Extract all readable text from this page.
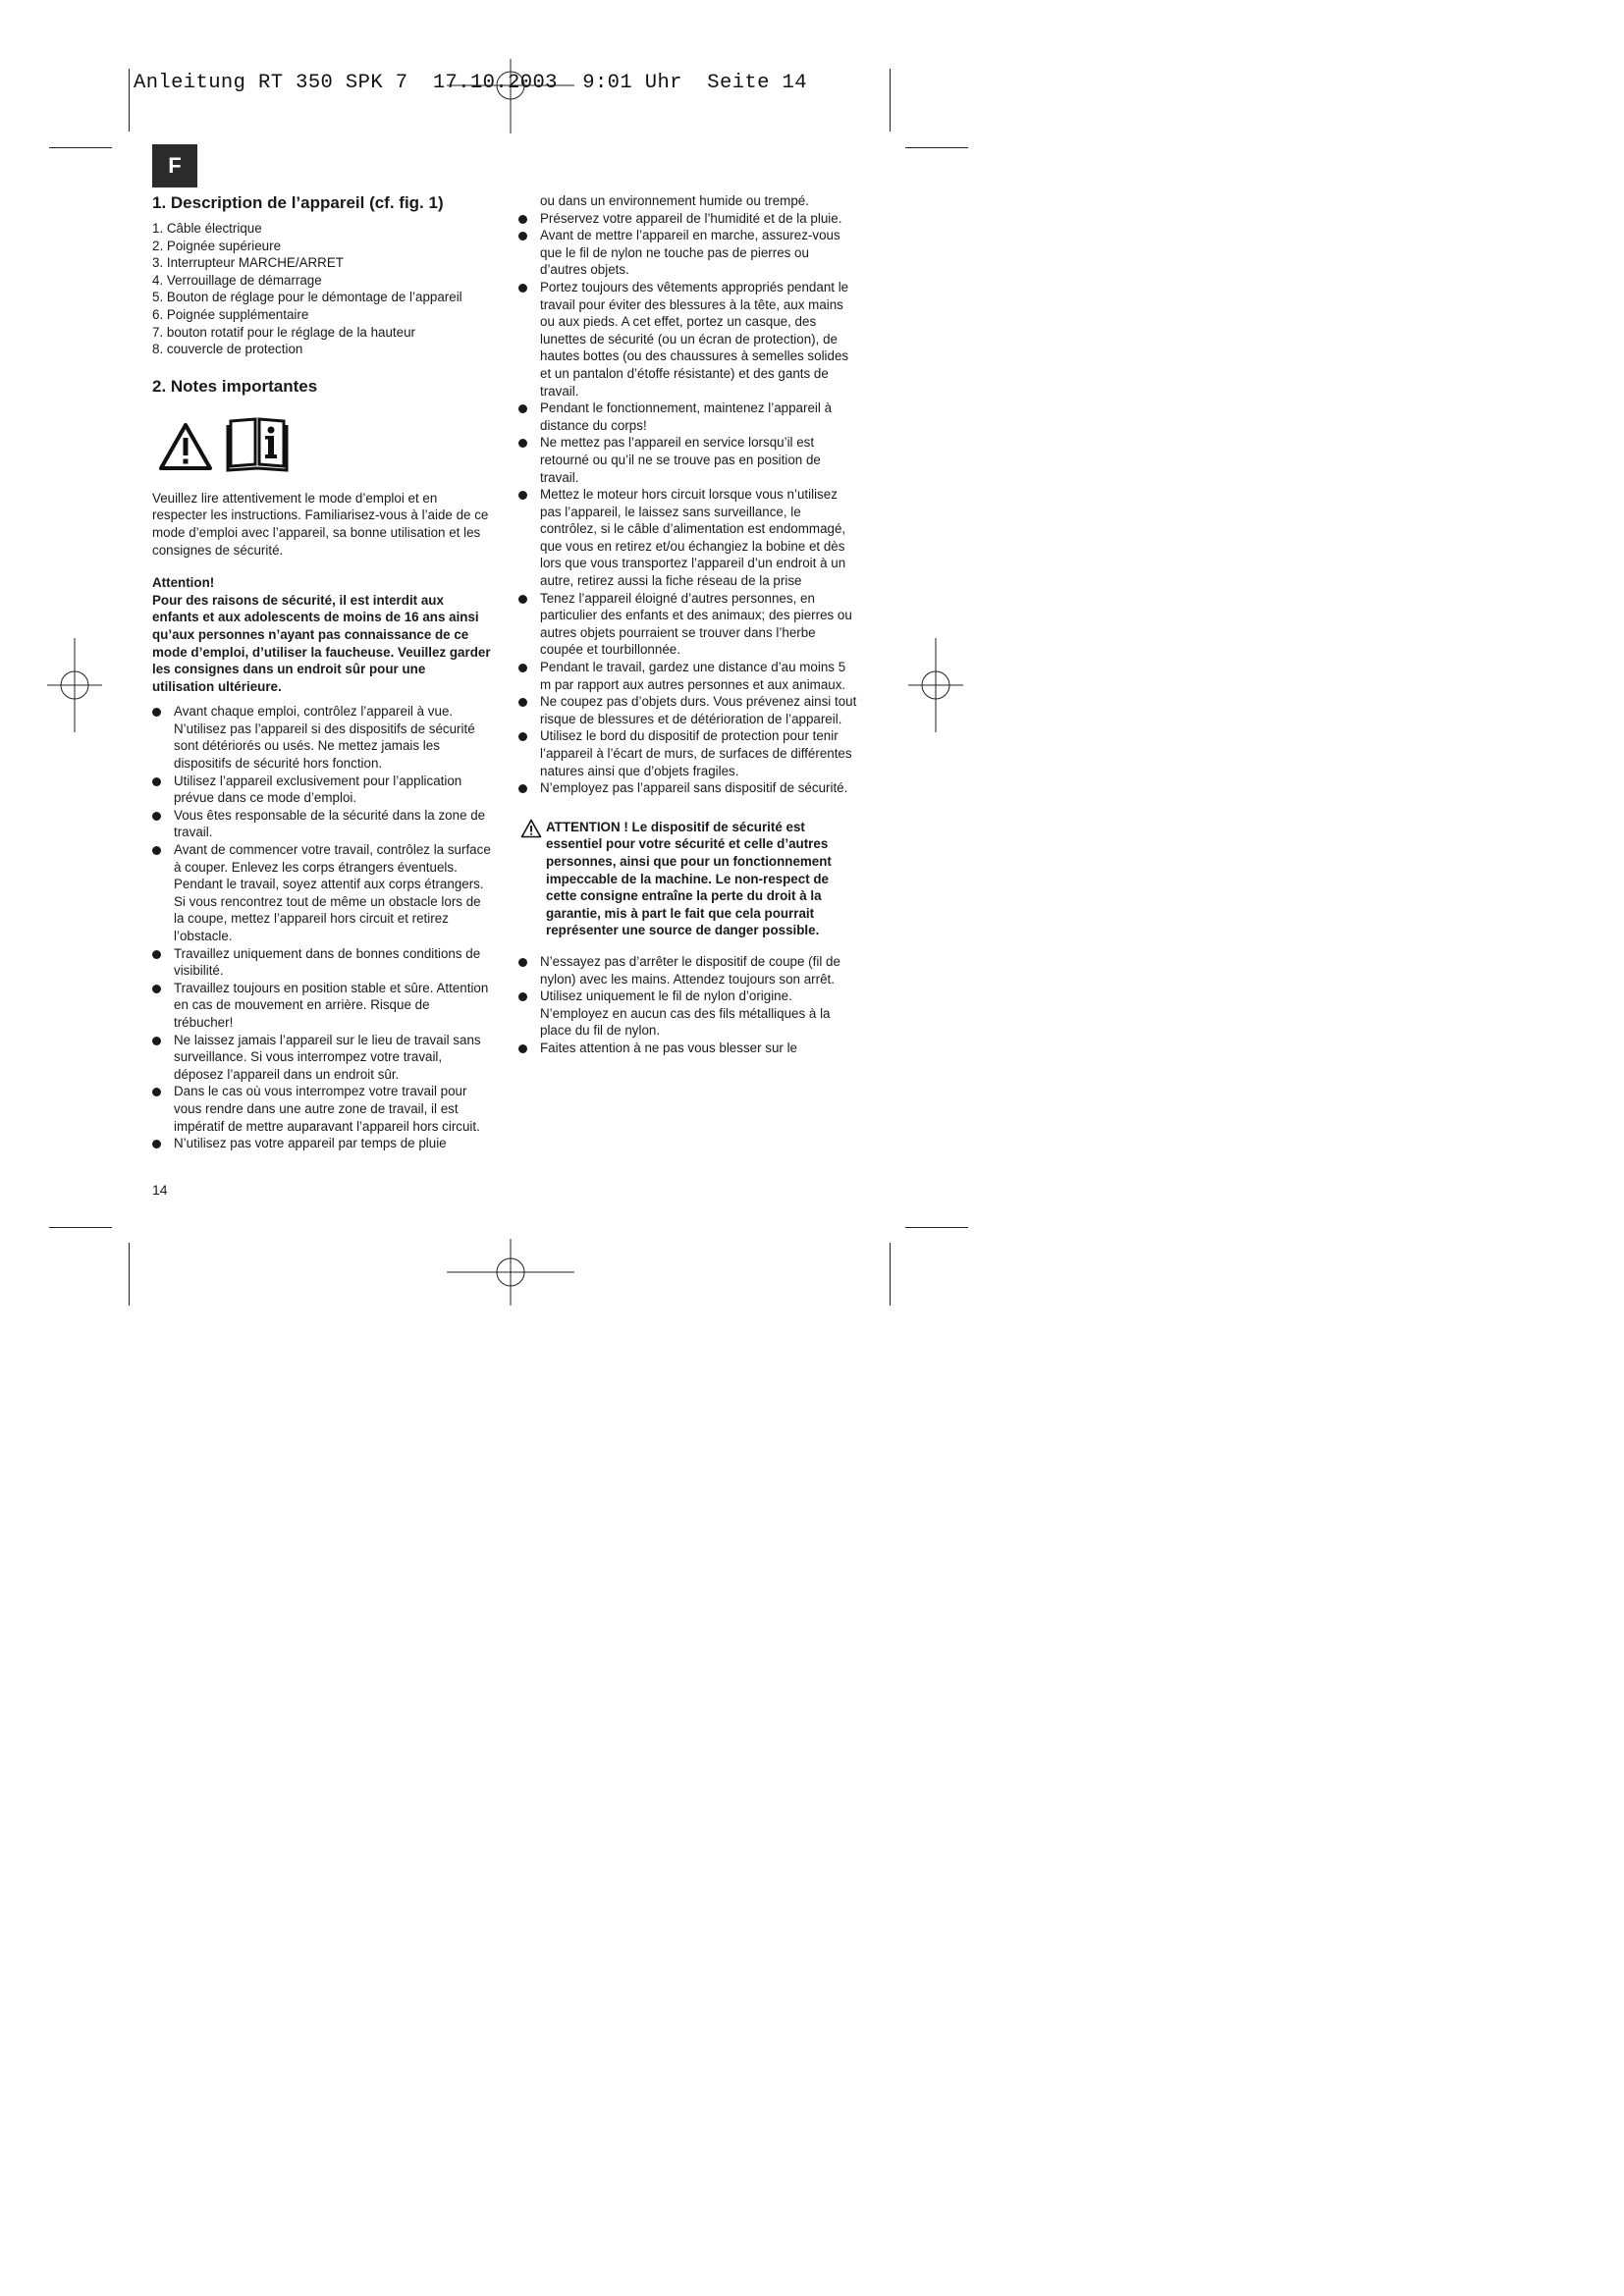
Anleitung RT 350 SPK 7  17.10.2003  9:01 Uhr  Seite 14
F
1. Description de l’appareil (cf. fig. 1)
1. Câble électrique
2. Poignée supérieure
3. Interrupteur MARCHE/ARRET
4. Verrouillage de démarrage
5. Bouton de réglage pour le démontage de l’appareil
6. Poignée supplémentaire
7. bouton rotatif pour le réglage de la hauteur
8. couvercle de protection
2. Notes importantes

Veuillez lire attentivement le mode d’emploi et en respecter les instructions. Familiarisez-vous à l’aide de ce mode d’emploi avec l’appareil, sa bonne utilisation et les consignes de sécurité.

Attention!

Pour des raisons de sécurité, il est interdit aux enfants et aux adolescents de moins de 16 ans ainsi qu’aux personnes n’ayant pas connaissance de ce mode d’emploi, d’utiliser la faucheuse. Veuillez garder les consignes dans un endroit sûr pour une utilisation ultérieure.

Avant chaque emploi, contrôlez l’appareil à vue. N’utilisez pas l’appareil si des dispositifs de sécurité sont détériorés ou usés. Ne mettez jamais les dispositifs de sécurité hors fonction.
Utilisez l’appareil exclusivement pour l’application prévue dans ce mode d’emploi.
Vous êtes responsable de la sécurité dans la zone de travail.
Avant de commencer votre travail, contrôlez la surface à couper. Enlevez les corps étrangers éventuels. Pendant le travail, soyez attentif aux corps étrangers. Si vous rencontrez tout de même un obstacle lors de la coupe, mettez l’appareil hors circuit et retirez l’obstacle.
Travaillez uniquement dans de bonnes conditions de visibilité.
Travaillez toujours en position stable et sûre. Attention en cas de mouvement en arrière. Risque de trébucher!
Ne laissez jamais l’appareil sur le lieu de travail sans surveillance. Si vous interrompez votre travail, déposez l’appareil dans un endroit sûr.
Dans le cas où vous interrompez votre travail pour vous rendre dans une autre zone de travail, il est impératif de mettre auparavant l’appareil hors circuit.
N’utilisez pas votre appareil par temps de pluie

ou dans un environnement humide ou trempé.

Préservez votre appareil de l’humidité et de la pluie.
Avant de mettre l’appareil en marche, assurez-vous que le fil de nylon ne touche pas de pierres ou d’autres objets.
Portez toujours des vêtements appropriés pendant le travail pour éviter des blessures à la tête, aux mains ou aux pieds. A cet effet, portez un casque, des lunettes de sécurité (ou un écran de protection), de hautes bottes (ou des chaussures à semelles solides et un pantalon d’étoffe résistante) et des gants de travail.
Pendant le fonctionnement, maintenez l’appareil à distance du corps!
Ne mettez pas l’appareil en service lorsqu’il est retourné ou qu’il ne se trouve pas en position de travail.
Mettez le moteur hors circuit lorsque vous n’utilisez pas l’appareil, le laissez sans surveillance, le contrôlez, si le câble d’alimentation est endommagé, que vous en retirez et/ou échangiez la bobine et dès lors que vous transportez l’appareil d’un endroit à un autre, retirez aussi la fiche réseau de la prise
Tenez l’appareil éloigné d’autres personnes, en particulier des enfants et des animaux; des pierres ou autres objets pourraient se trouver dans l’herbe coupée et tourbillonnée.
Pendant le travail, gardez une distance d’au moins 5 m par rapport aux autres personnes et aux animaux.
Ne coupez pas d’objets durs. Vous prévenez ainsi tout risque de blessures et de détérioration de l’appareil.
Utilisez le bord du dispositif de protection pour tenir l’appareil à l’écart de murs, de surfaces de différentes natures ainsi que d’objets fragiles.
N’employez pas l’appareil sans dispositif de sécurité.
ATTENTION ! Le dispositif de sécurité est essentiel pour votre sécurité et celle d’autres personnes, ainsi que pour un fonctionnement impeccable de la machine. Le non-respect de cette consigne entraîne la perte du droit à la garantie, mis à part le fait que cela pourrait représenter une source de danger possible.
N’essayez pas d’arrêter le dispositif de coupe (fil de nylon) avec les mains. Attendez toujours son arrêt.
Utilisez uniquement le fil de nylon d’origine. N’employez en aucun cas des fils métalliques à la place du fil de nylon.
Faites attention à ne pas vous blesser sur le
14
